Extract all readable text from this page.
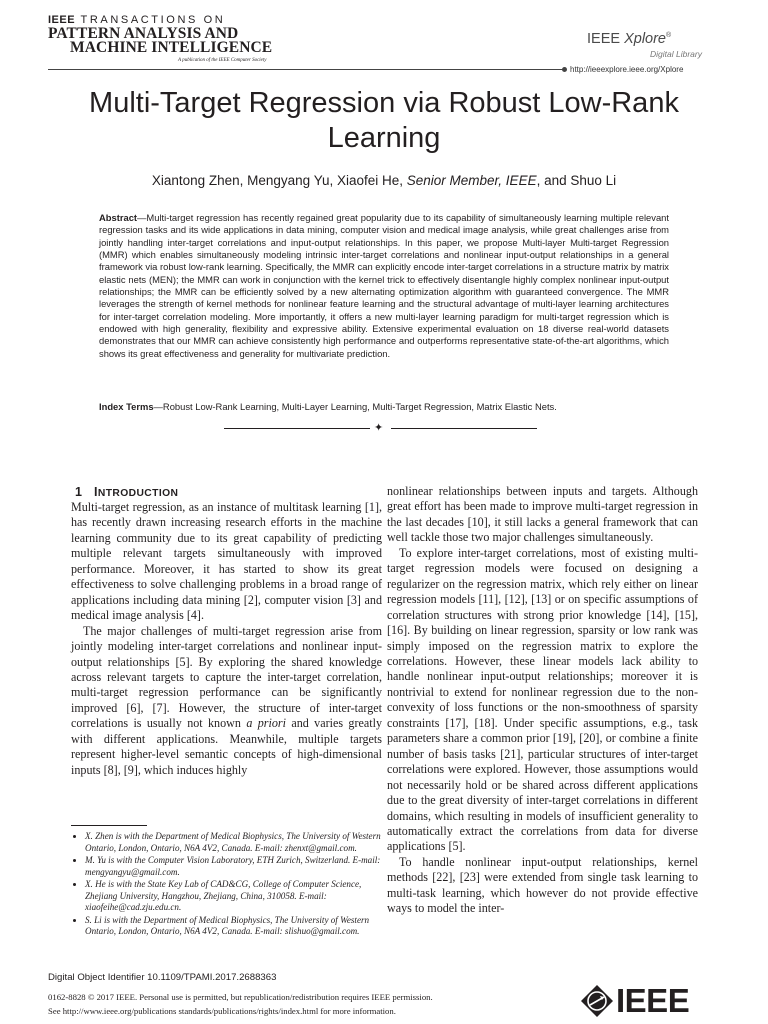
IEEE TRANSACTIONS ON
PATTERN ANALYSIS AND
MACHINE INTELLIGENCE
A publication of the IEEE Computer Society
IEEE Xplore®
Digital Library
http://ieeexplore.ieee.org/Xplore
Multi-Target Regression via Robust Low-Rank Learning
Xiantong Zhen, Mengyang Yu, Xiaofei He, Senior Member, IEEE, and Shuo Li
Abstract—Multi-target regression has recently regained great popularity due to its capability of simultaneously learning multiple relevant regression tasks and its wide applications in data mining, computer vision and medical image analysis, while great challenges arise from jointly handling inter-target correlations and input-output relationships. In this paper, we propose Multi-layer Multi-target Regression (MMR) which enables simultaneously modeling intrinsic inter-target correlations and nonlinear input-output relationships in a general framework via robust low-rank learning. Specifically, the MMR can explicitly encode inter-target correlations in a structure matrix by matrix elastic nets (MEN); the MMR can work in conjunction with the kernel trick to effectively disentangle highly complex nonlinear input-output relationships; the MMR can be efficiently solved by a new alternating optimization algorithm with guaranteed convergence. The MMR leverages the strength of kernel methods for nonlinear feature learning and the structural advantage of multi-layer learning architectures for inter-target correlation modeling. More importantly, it offers a new multi-layer learning paradigm for multi-target regression which is endowed with high generality, flexibility and expressive ability. Extensive experimental evaluation on 18 diverse real-world datasets demonstrates that our MMR can achieve consistently high performance and outperforms representative state-of-the-art algorithms, which shows its great effectiveness and generality for multivariate prediction.
Index Terms—Robust Low-Rank Learning, Multi-Layer Learning, Multi-Target Regression, Matrix Elastic Nets.
✦
1 INTRODUCTION

Multi-target regression, as an instance of multitask learning [1], has recently drawn increasing research efforts in the machine learning community due to its great capability of predicting multiple relevant targets simultaneously with improved performance. Moreover, it has started to show its great effectiveness to solve challenging problems in a broad range of applications including data mining [2], computer vision [3] and medical image analysis [4].

The major challenges of multi-target regression arise from jointly modeling inter-target correlations and nonlinear input-output relationships [5]. By exploring the shared knowledge across relevant targets to capture the inter-target correlation, multi-target regression performance can be significantly improved [6], [7]. However, the structure of inter-target correlations is usually not known a priori and varies greatly with different applications. Meanwhile, multiple targets represent higher-level semantic concepts of high-dimensional inputs [8], [9], which induces highly

• X. Zhen is with the Department of Medical Biophysics, The University of Western Ontario, London, Ontario, N6A 4V2, Canada. E-mail: zhenxt@gmail.com.
• M. Yu is with the Computer Vision Laboratory, ETH Zurich, Switzerland. E-mail: mengyangyu@gmail.com.
• X. He is with the State Key Lab of CAD&CG, College of Computer Science, Zhejiang University, Hangzhou, Zhejiang, China, 310058. E-mail: xiaofeihe@cad.zju.edu.cn.
• S. Li is with the Department of Medical Biophysics, The University of Western Ontario, London, Ontario, N6A 4V2, Canada. E-mail: slishuo@gmail.com.

nonlinear relationships between inputs and targets. Although great effort has been made to improve multi-target regression in the last decades [10], it still lacks a general framework that can well tackle those two major challenges simultaneously.

To explore inter-target correlations, most of existing multi-target regression models were focused on designing a regularizer on the regression matrix, which rely either on linear regression models [11], [12], [13] or on specific assumptions of correlation structures with strong prior knowledge [14], [15], [16]. By building on linear regression, sparsity or low rank was simply imposed on the regression matrix to explore the correlations. However, these linear models lack ability to handle nonlinear input-output relationships; moreover it is nontrivial to extend for nonlinear regression due to the non-convexity of loss functions or the non-smoothness of sparsity constraints [17], [18]. Under specific assumptions, e.g., task parameters share a common prior [19], [20], or combine a finite number of basis tasks [21], particular structures of inter-target correlations were explored. However, those assumptions would not necessarily hold or be shared across different applications due to the great diversity of inter-target correlations in different domains, which resulting in models of insufficient generality to automatically extract the correlations from data for diverse applications [5].

To handle nonlinear input-output relationships, kernel methods [22], [23] were extended from single task learning to multi-task learning, which however do not provide effective ways to model the inter-

Digital Object Identifier 10.1109/TPAMI.2017.2688363
0162-8828 © 2017 IEEE. Personal use is permitted, but republication/redistribution requires IEEE permission.
See http://www.ieee.org/publications standards/publications/rights/index.html for more information.	IEEE
